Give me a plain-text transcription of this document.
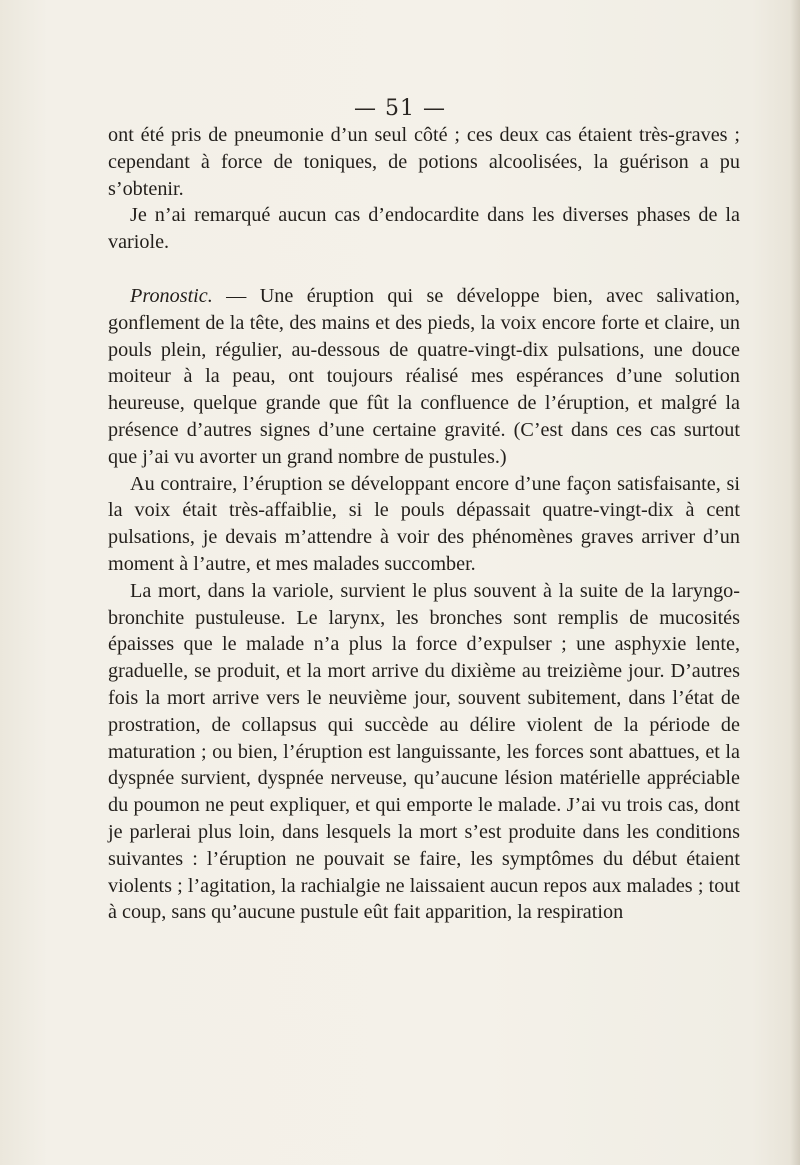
— 51 —

ont été pris de pneumonie d’un seul côté ; ces deux cas étaient très-graves ; cependant à force de toniques, de potions alcoolisées, la guérison a pu s’obtenir.

Je n’ai remarqué aucun cas d’endocardite dans les diverses phases de la variole.

Pronostic. — Une éruption qui se développe bien, avec salivation, gonflement de la tête, des mains et des pieds, la voix encore forte et claire, un pouls plein, régulier, au-dessous de quatre-vingt-dix pulsations, une douce moiteur à la peau, ont toujours réalisé mes espérances d’une solution heureuse, quelque grande que fût la confluence de l’éruption, et malgré la présence d’autres signes d’une certaine gravité. (C’est dans ces cas surtout que j’ai vu avorter un grand nombre de pustules.)

Au contraire, l’éruption se développant encore d’une façon satisfaisante, si la voix était très-affaiblie, si le pouls dépassait quatre-vingt-dix à cent pulsations, je devais m’attendre à voir des phénomènes graves arriver d’un moment à l’autre, et mes malades succomber.

La mort, dans la variole, survient le plus souvent à la suite de la laryngo-bronchite pustuleuse. Le larynx, les bronches sont remplis de mucosités épaisses que le malade n’a plus la force d’expulser ; une asphyxie lente, graduelle, se produit, et la mort arrive du dixième au treizième jour. D’autres fois la mort arrive vers le neuvième jour, souvent subitement, dans l’état de prostration, de collapsus qui succède au délire violent de la période de maturation ; ou bien, l’éruption est languissante, les forces sont abattues, et la dyspnée survient, dyspnée nerveuse, qu’aucune lésion matérielle appréciable du poumon ne peut expliquer, et qui emporte le malade. J’ai vu trois cas, dont je parlerai plus loin, dans lesquels la mort s’est produite dans les conditions suivantes : l’éruption ne pouvait se faire, les symptômes du début étaient violents ; l’agitation, la rachialgie ne laissaient aucun repos aux malades ; tout à coup, sans qu’aucune pustule eût fait apparition, la respiration
